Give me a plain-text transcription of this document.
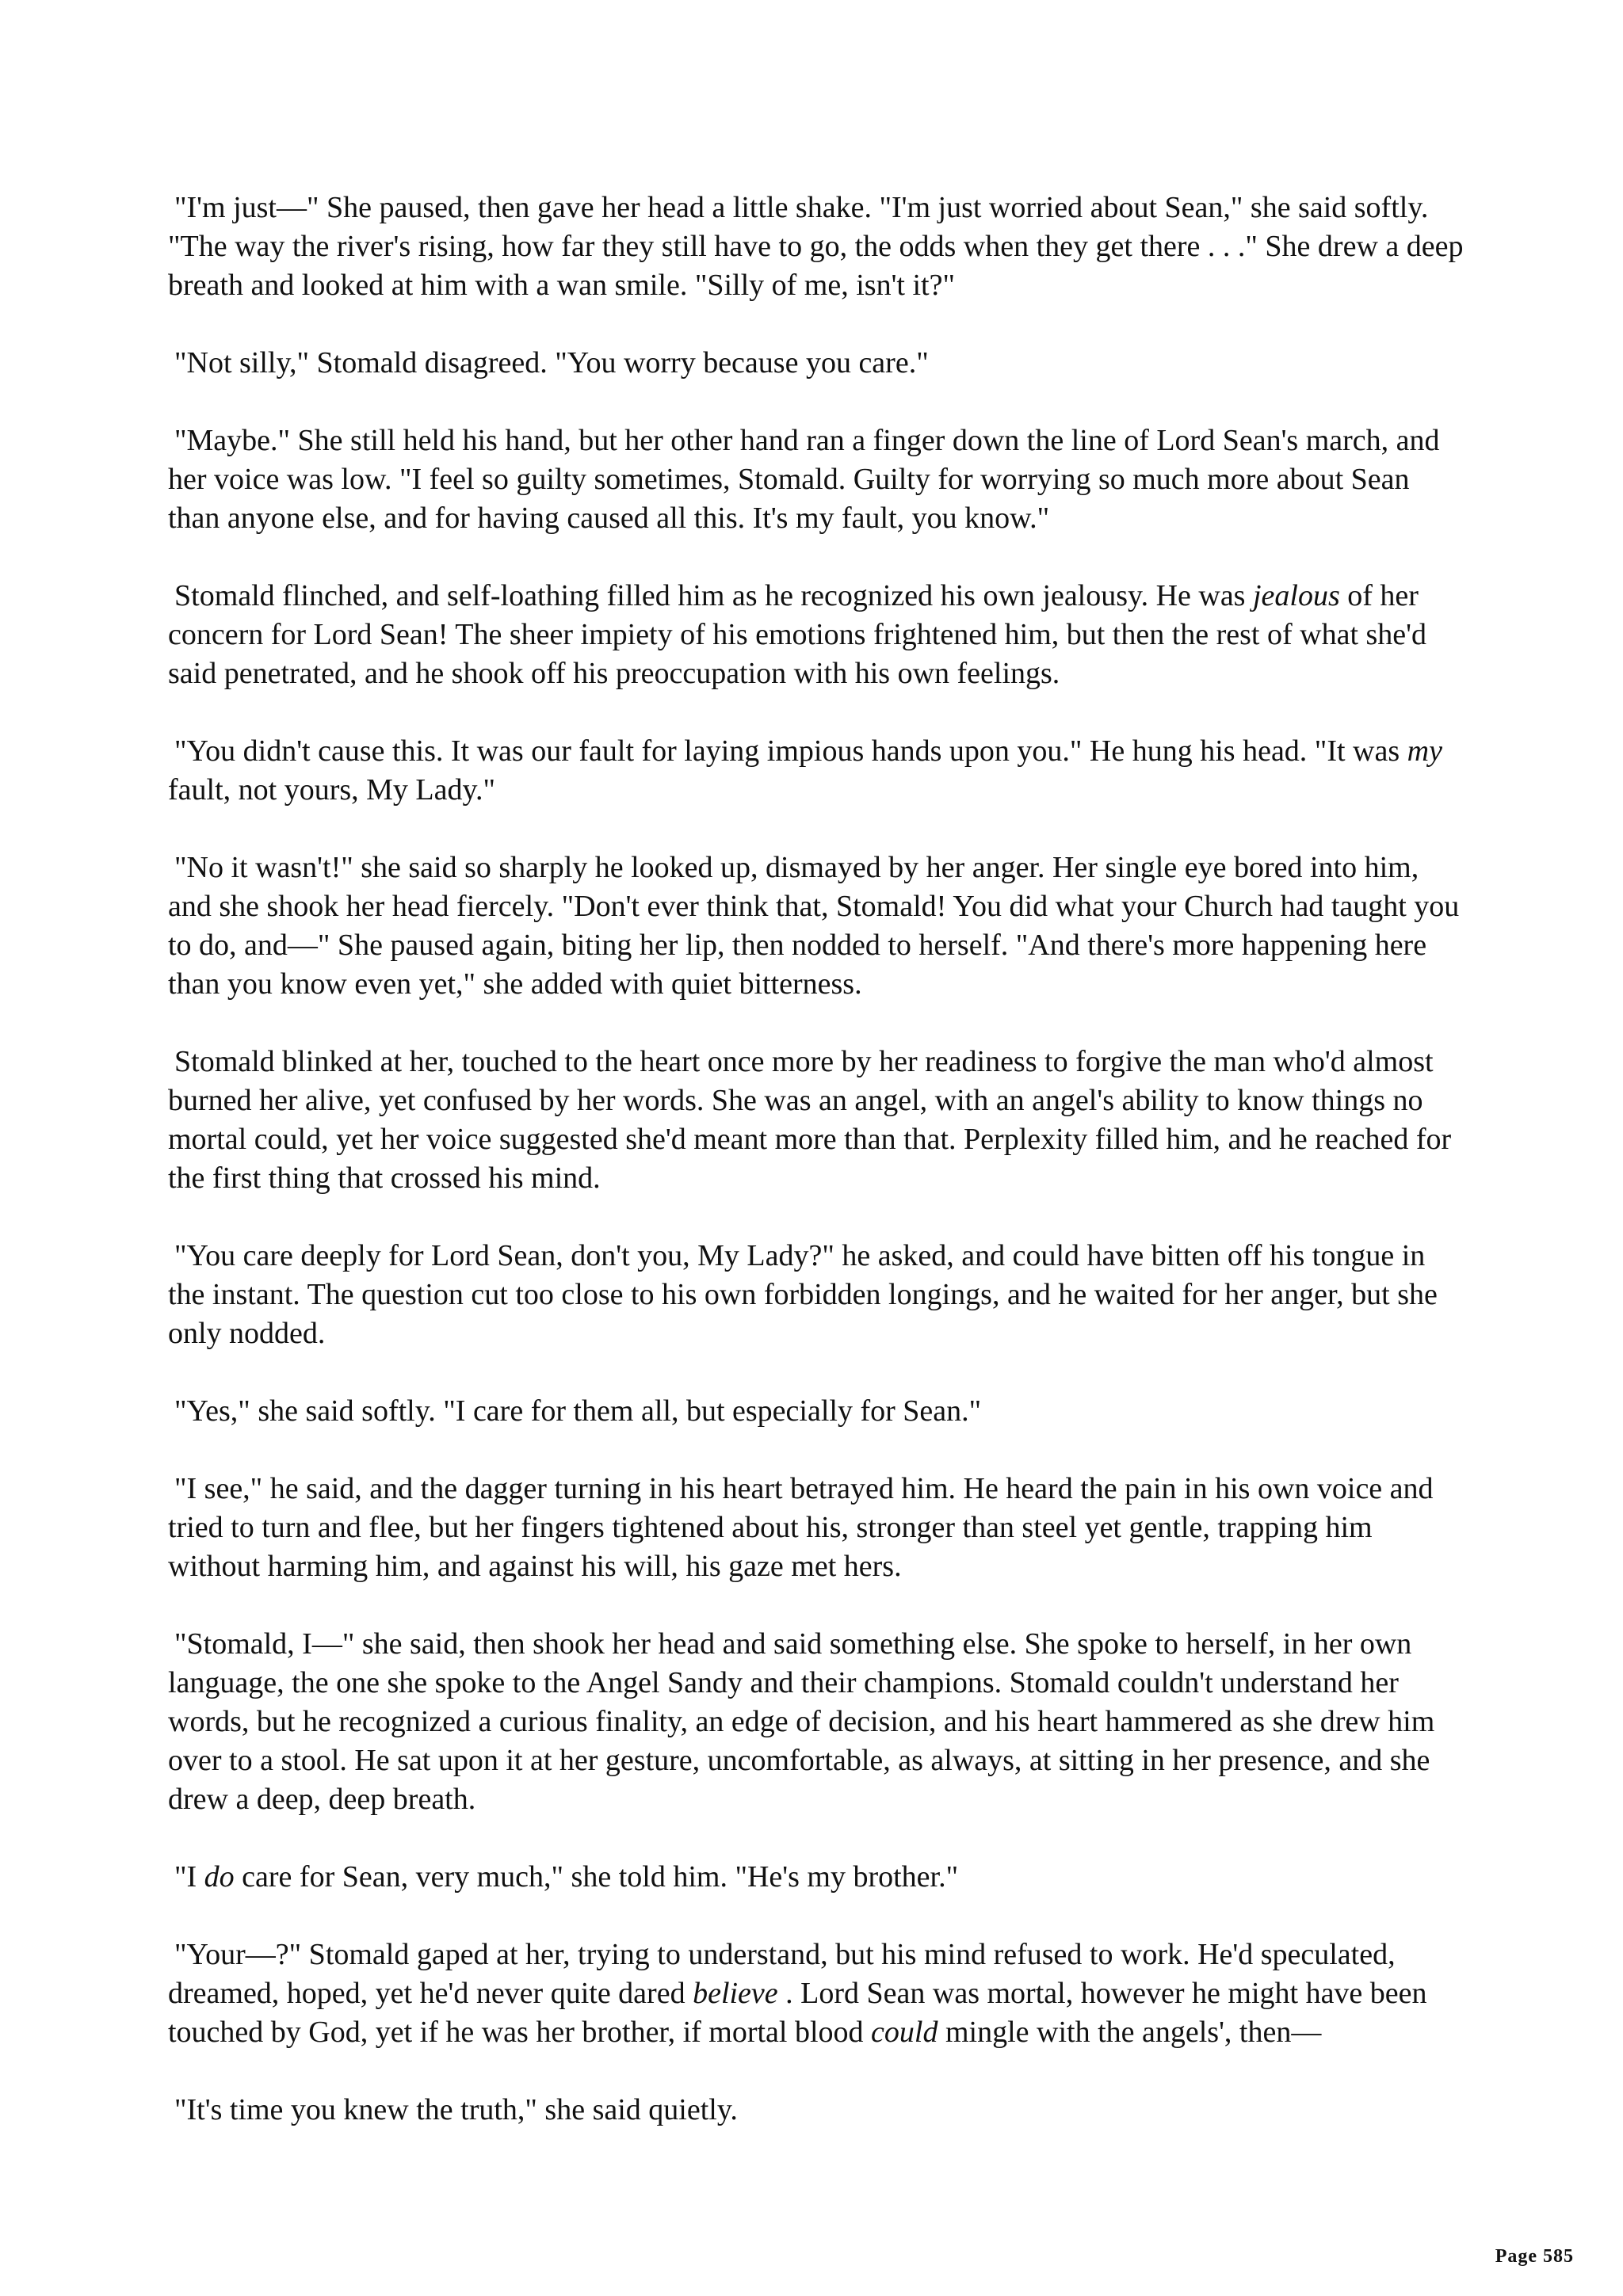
"I'm just—" She paused, then gave her head a little shake. "I'm just worried about Sean," she said softly. "The way the river's rising, how far they still have to go, the odds when they get there . . ." She drew a deep breath and looked at him with a wan smile. "Silly of me, isn't it?"

"Not silly," Stomald disagreed. "You worry because you care."

"Maybe." She still held his hand, but her other hand ran a finger down the line of Lord Sean's march, and her voice was low. "I feel so guilty sometimes, Stomald. Guilty for worrying so much more about Sean than anyone else, and for having caused all this. It's my fault, you know."

Stomald flinched, and self-loathing filled him as he recognized his own jealousy. He was jealous of her concern for Lord Sean! The sheer impiety of his emotions frightened him, but then the rest of what she'd said penetrated, and he shook off his preoccupation with his own feelings.

"You didn't cause this. It was our fault for laying impious hands upon you." He hung his head. "It was my fault, not yours, My Lady."

"No it wasn't!" she said so sharply he looked up, dismayed by her anger. Her single eye bored into him, and she shook her head fiercely. "Don't ever think that, Stomald! You did what your Church had taught you to do, and—" She paused again, biting her lip, then nodded to herself. "And there's more happening here than you know even yet," she added with quiet bitterness.

Stomald blinked at her, touched to the heart once more by her readiness to forgive the man who'd almost burned her alive, yet confused by her words. She was an angel, with an angel's ability to know things no mortal could, yet her voice suggested she'd meant more than that. Perplexity filled him, and he reached for the first thing that crossed his mind.

"You care deeply for Lord Sean, don't you, My Lady?" he asked, and could have bitten off his tongue in the instant. The question cut too close to his own forbidden longings, and he waited for her anger, but she only nodded.

"Yes," she said softly. "I care for them all, but especially for Sean."

"I see," he said, and the dagger turning in his heart betrayed him. He heard the pain in his own voice and tried to turn and flee, but her fingers tightened about his, stronger than steel yet gentle, trapping him without harming him, and against his will, his gaze met hers.

"Stomald, I—" she said, then shook her head and said something else. She spoke to herself, in her own language, the one she spoke to the Angel Sandy and their champions. Stomald couldn't understand her words, but he recognized a curious finality, an edge of decision, and his heart hammered as she drew him over to a stool. He sat upon it at her gesture, uncomfortable, as always, at sitting in her presence, and she drew a deep, deep breath.

"I do care for Sean, very much," she told him. "He's my brother."

"Your—?" Stomald gaped at her, trying to understand, but his mind refused to work. He'd speculated, dreamed, hoped, yet he'd never quite dared believe . Lord Sean was mortal, however he might have been touched by God, yet if he was her brother, if mortal blood could mingle with the angels', then—

"It's time you knew the truth," she said quietly.

Page 585
